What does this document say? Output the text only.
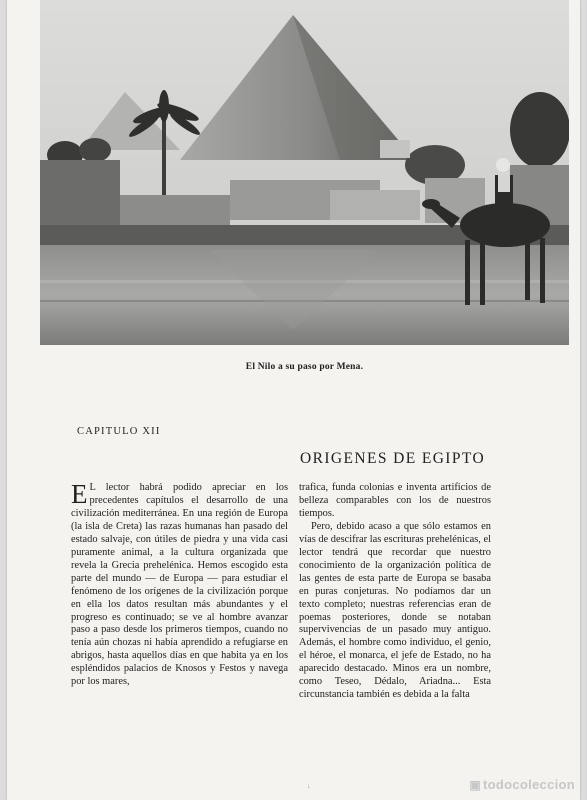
El Nilo a su paso por Mena.
CAPITULO XII
ORIGENES DE EGIPTO

E L lector habrá podido apreciar en los precedentes capítulos el desarrollo de una civilización mediterránea. En una región de Europa (la isla de Creta) las razas humanas han pasado del estado salvaje, con útiles de piedra y una vida casi puramente animal, a la cultura organizada que revela la Grecia prehelénica. Hemos escogido esta parte del mundo — de Europa — para estudiar el fenómeno de los orígenes de la civilización porque en ella los datos resultan más abundantes y el progreso es continuado; se ve al hombre avanzar paso a paso desde los primeros tiempos, cuando no tenía aún chozas ni había aprendido a refugiarse en abrigos, hasta aquellos días en que habita ya en los espléndidos palacios de Knosos y Festos y navega por los mares,

trafica, funda colonias e inventa artificios de belleza comparables con los de nuestros tiempos.

Pero, debido acaso a que sólo estamos en vías de descifrar las escrituras prehelénicas, el lector tendrá que recordar que nuestro conocimiento de la organización política de las gentes de esta parte de Europa se basaba en puras conjeturas. No podíamos dar un texto completo; nuestras referencias eran de poemas posteriores, donde se notaban supervivencias de un pasado muy antiguo. Además, el hombre como individuo, el genio, el héroe, el monarca, el jefe de Estado, no ha aparecido destacado. Minos era un nombre, como Teseo, Dédalo, Ariadna... Esta circunstancia también es debida a la falta

↓	▣ todocoleccion
